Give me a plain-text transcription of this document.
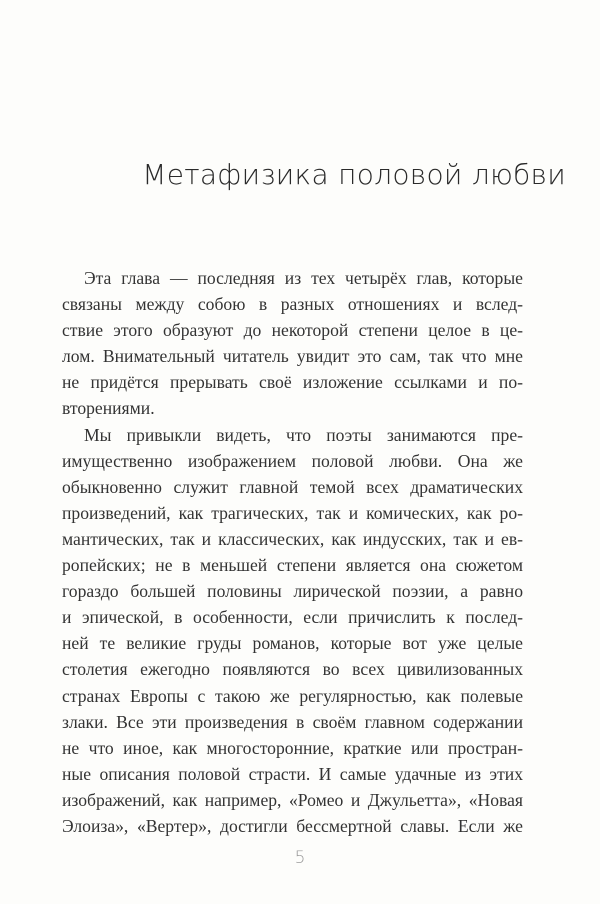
Метафизика половой любви
Эта глава — последняя из тех четырёх глав, которые
связаны между собою в разных отношениях и вслед-
ствие этого образуют до некоторой степени целое в це-
лом. Внимательный читатель увидит это сам, так что мне
не придётся прерывать своё изложение ссылками и по-
вторениями.
Мы привыкли видеть, что поэты занимаются пре-
имущественно изображением половой любви. Она же
обыкновенно служит главной темой всех драматических
произведений, как трагических, так и комических, как ро-
мантических, так и классических, как индусских, так и ев-
ропейских; не в меньшей степени является она сюжетом
гораздо большей половины лирической поэзии, а равно
и эпической, в особенности, если причислить к послед-
ней те великие груды романов, которые вот уже целые
столетия ежегодно появляются во всех цивилизованных
странах Европы с такою же регулярностью, как полевые
злаки. Все эти произведения в своём главном содержании
не что иное, как многосторонние, краткие или простран-
ные описания половой страсти. И самые удачные из этих
изображений, как например, «Ромео и Джульетта», «Новая
Элоиза», «Вертер», достигли бессмертной славы. Если же
5
